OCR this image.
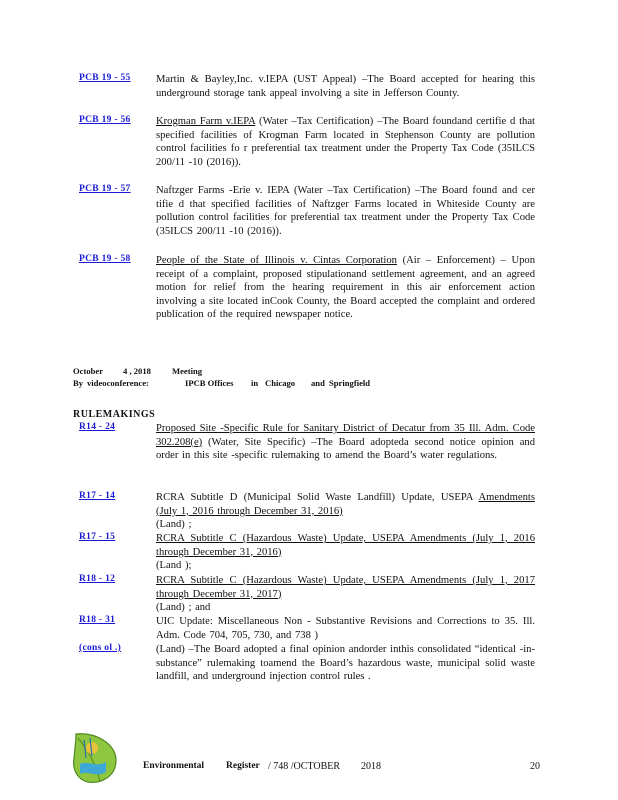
PCB 19 - 55 Martin & Bayley,Inc. v.IEPA (UST Appeal) –The Board accepted for hearing this underground storage tank appeal involving a site in Jefferson County.
PCB 19 - 56 Krogman Farm v.IEPA (Water –Tax Certification) –The Board foundand certifie d that specified facilities of Krogman Farm located in Stephenson County are pollution control facilities fo r preferential tax treatment under the Property Tax Code (35ILCS 200/11 -10 (2016)).
PCB 19 - 57 Naftzger Farms -Erie v. IEPA (Water –Tax Certification) –The Board found and cer tifie d that specified facilities of Naftzger Farms located in Whiteside County are pollution control facilities for preferential tax treatment under the Property Tax Code (35ILCS 200/11 -10 (2016)).
PCB 19 - 58 People of the State of Illinois v. Cintas Corporation (Air – Enforcement) – Upon receipt of a complaint, proposed stipulationand settlement agreement, and an agreed motion for relief from the hearing requirement in this air enforcement action involving a site located inCook County, the Board accepted the complaint and ordered publication of the required newspaper notice.
October	4 , 2018	Meeting
By videoconference:	IPCB Offices	in Chicago	and Springfield
RULEMAKINGS
R14 - 24	Proposed Site -Specific Rule for Sanitary District of Decatur from 35 Ill. Adm. Code 302.208(e) (Water, Site Specific) –The Board adopteda second notice opinion and order in this site -specific rulemaking to amend the Board’s water regulations.
R17 - 14	RCRA Subtitle D (Municipal Solid Waste Landfill) Update, USEPA Amendments (July 1, 2016 through December 31, 2016)
(Land) ;
R17 - 15	RCRA Subtitle C (Hazardous Waste) Update, USEPA Amendments (July 1, 2016 through December 31, 2016)
(Land );
R18 - 12	RCRA Subtitle C (Hazardous Waste) Update, USEPA Amendments (July 1, 2017 through December 31, 2017)
(Land) ; and
R18 - 31	UIC Update: Miscellaneous Non - Substantive Revisions and Corrections to 35. Ill. Adm. Code 704, 705, 730, and 738 )
(cons ol .)	(Land) –The Board adopted a final opinion andorder inthis consolidated “identical -in-substance” rulemaking toamend the Board’s hazardous waste, municipal solid waste landfill, and underground injection control rules .
Environmental Register / 748 /OCTOBER 2018	20
